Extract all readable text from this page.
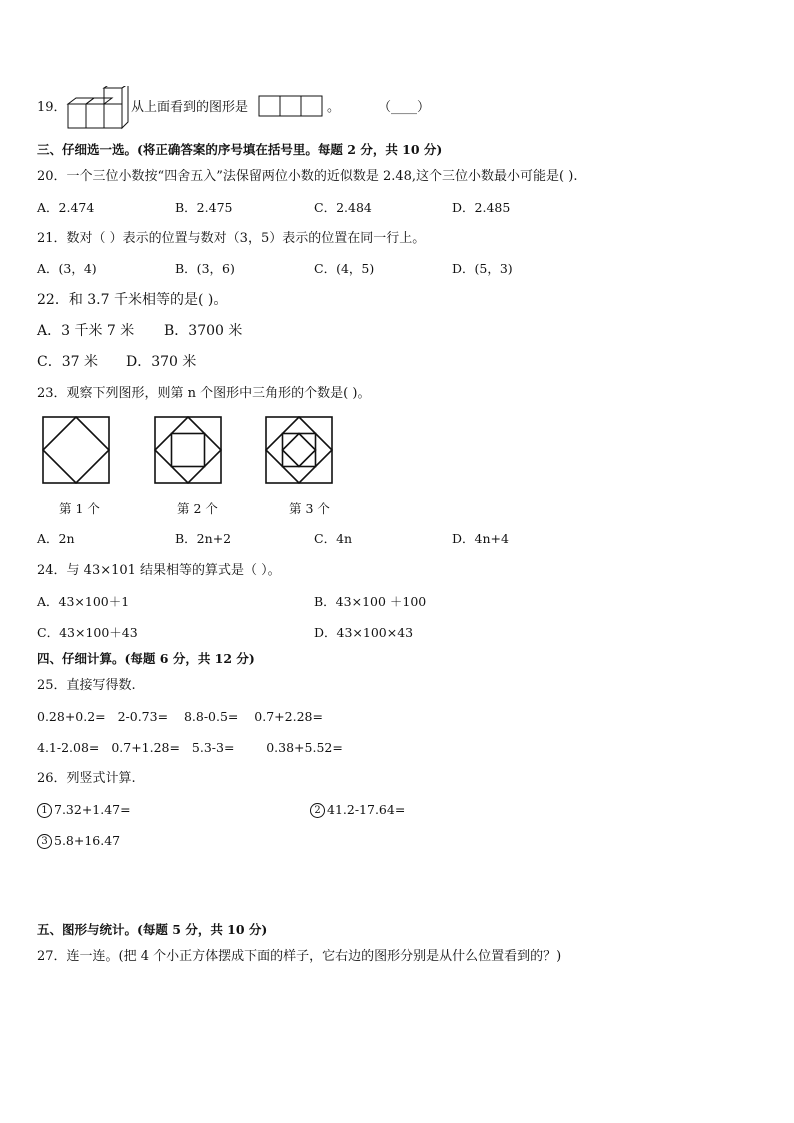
19．	从上面看到的图形是	。	（____）
三、仔细选一选。(将正确答案的序号填在括号里。每题 2 分，共 10 分)
20．一个三位小数按“四舍五入”法保留两位小数的近似数是 2.48,这个三位小数最小可能是( ).
A．2.474	B．2.475	C．2.484	D．2.485
21．数对（ ）表示的位置与数对（3，5）表示的位置在同一行上。
A．(3，4)	B．(3，6)	C．(4，5)	D．(5，3)
22．和 3.7 千米相等的是( )。
A．3 千米 7 米 B．3700 米
C．37 米 D．370 米
23．观察下列图形，则第 n 个图形中三角形的个数是( )。
第 1 个	第 2 个	第 3 个
A．2n	B．2n+2	C．4n	D．4n+4
24．与 43×101 结果相等的算式是（ ）。
A．43×100＋1	B．43×100 ＋100
C．43×100＋43	D．43×100×43
四、仔细计算。(每题 6 分，共 12 分)
25．直接写得数.
0.28+0.2=   2-0.73=    8.8-0.5=    0.7+2.28=
4.1-2.08=   0.7+1.28=   5.3-3=        0.38+5.52=
26．列竖式计算.
1 7.32+1.47=	2 41.2-17.64=
3 5.8+16.47
五、图形与统计。(每题 5 分，共 10 分)
27．连一连。(把 4 个小正方体摆成下面的样子，它右边的图形分别是从什么位置看到的？)
